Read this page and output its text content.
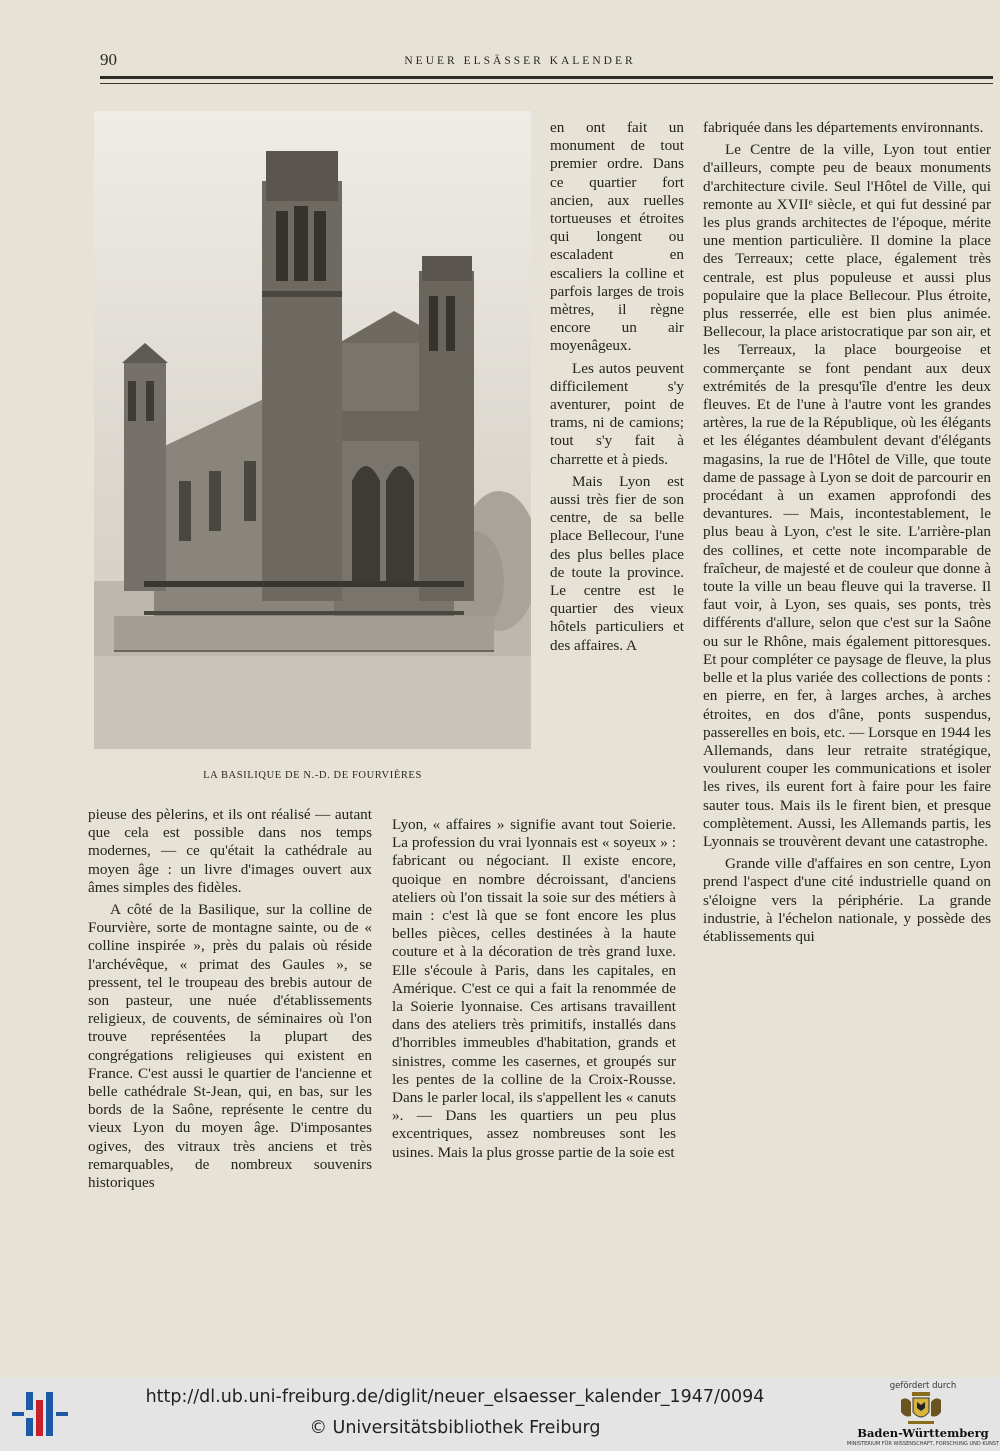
90	NEUER ELSÄSSER KALENDER
LA BASILIQUE DE N.-D. DE FOURVIÈRES

pieuse des pèlerins, et ils ont réalisé — autant que cela est possible dans nos temps modernes, — ce qu'était la cathédrale au moyen âge : un livre d'images ouvert aux âmes simples des fidèles.

A côté de la Basilique, sur la colline de Fourvière, sorte de montagne sainte, ou de « colline inspirée », près du palais où réside l'archévêque, « primat des Gaules », se pressent, tel le troupeau des brebis autour de son pasteur, une nuée d'établissements religieux, de couvents, de séminaires où l'on trouve représentées la plupart des congrégations religieuses qui existent en France. C'est aussi le quartier de l'ancienne et belle cathédrale St-Jean, qui, en bas, sur les bords de la Saône, représente le centre du vieux Lyon du moyen âge. D'imposantes ogives, des vitraux très anciens et très remarquables, de nombreux souvenirs historiques

en ont fait un monument de tout premier ordre. Dans ce quartier fort ancien, aux ruelles tortueuses et étroites qui longent ou escaladent en escaliers la colline et parfois larges de trois mètres, il règne encore un air moyenâgeux.

Les autos peuvent difficilement s'y aventurer, point de trams, ni de camions; tout s'y fait à charrette et à pieds.

Mais Lyon est aussi très fier de son centre, de sa belle place Bellecour, l'une des plus belles place de toute la province. Le centre est le quartier des vieux hôtels particuliers et des affaires. A

Lyon, « affaires » signifie avant tout Soierie. La profession du vrai lyonnais est « soyeux » : fabricant ou négociant. Il existe encore, quoique en nombre décroissant, d'anciens ateliers où l'on tissait la soie sur des métiers à main : c'est là que se font encore les plus belles pièces, celles destinées à la haute couture et à la décoration de très grand luxe. Elle s'écoule à Paris, dans les capitales, en Amérique. C'est ce qui a fait la renommée de la Soierie lyonnaise. Ces artisans travaillent dans des ateliers très primitifs, installés dans d'horribles immeubles d'habitation, grands et sinistres, comme les casernes, et groupés sur les pentes de la colline de la Croix-Rousse. Dans le parler local, ils s'appellent les « canuts ». — Dans les quartiers un peu plus excentriques, assez nombreuses sont les usines. Mais la plus grosse partie de la soie est

fabriquée dans les départements environnants.

Le Centre de la ville, Lyon tout entier d'ailleurs, compte peu de beaux monuments d'architecture civile. Seul l'Hôtel de Ville, qui remonte au XVIIᵉ siècle, et qui fut dessiné par les plus grands architectes de l'époque, mérite une mention particulière. Il domine la place des Terreaux; cette place, également très centrale, est plus populeuse et aussi plus populaire que la place Bellecour. Plus étroite, plus resserrée, elle est bien plus animée. Bellecour, la place aristocratique par son air, et les Terreaux, la place bourgeoise et commerçante se font pendant aux deux extrémités de la presqu'île d'entre les deux fleuves. Et de l'une à l'autre vont les grandes artères, la rue de la République, où les élégants et les élégantes déambulent devant d'élégants magasins, la rue de l'Hôtel de Ville, que toute dame de passage à Lyon se doit de parcourir en procédant à un examen approfondi des devantures. — Mais, incontestablement, le plus beau à Lyon, c'est le site. L'arrière-plan des collines, et cette note incomparable de fraîcheur, de majesté et de couleur que donne à toute la ville un beau fleuve qui la traverse. Il faut voir, à Lyon, ses quais, ses ponts, très différents d'allure, selon que c'est sur la Saône ou sur le Rhône, mais également pittoresques. Et pour compléter ce paysage de fleuve, la plus belle et la plus variée des collections de ponts : en pierre, en fer, à larges arches, à arches étroites, en dos d'âne, ponts suspendus, passerelles en bois, etc. — Lorsque en 1944 les Allemands, dans leur retraite stratégique, voulurent couper les communications et isoler les rives, ils eurent fort à faire pour les faire sauter tous. Mais ils le firent bien, et presque complètement. Aussi, les Allemands partis, les Lyonnais se trouvèrent devant une catastrophe.

Grande ville d'affaires en son centre, Lyon prend l'aspect d'une cité industrielle quand on s'éloigne vers la périphérie. La grande industrie, à l'échelon nationale, y possède des établissements qui

http://dl.ub.uni-freiburg.de/diglit/neuer_elsaesser_kalender_1947/0094
© Universitätsbibliothek Freiburg
gefördert durch
Baden-Württemberg
MINISTERIUM FÜR WISSENSCHAFT, FORSCHUNG UND KUNST
